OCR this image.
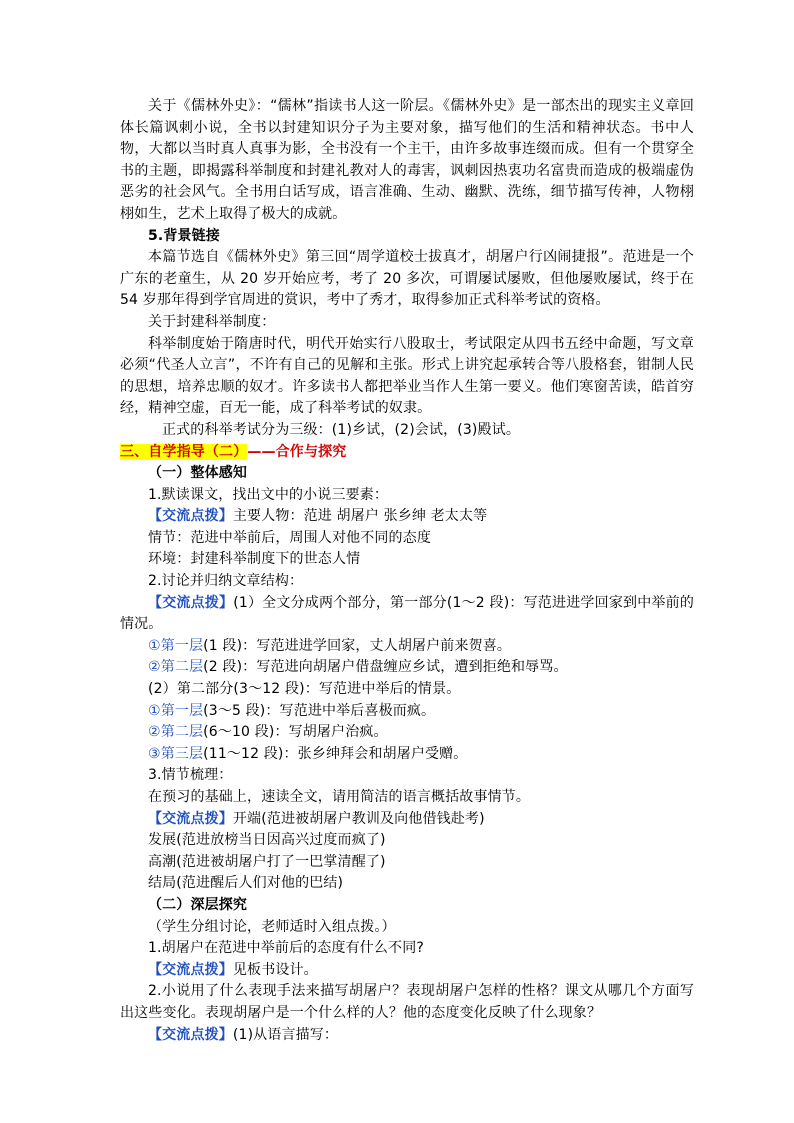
关于《儒林外史》：“儒林”指读书人这一阶层。《儒林外史》是一部杰出的现实主义章回体长篇讽刺小说，全书以封建知识分子为主要对象，描写他们的生活和精神状态。书中人物，大都以当时真人真事为影，全书没有一个主干，由许多故事连缀而成。但有一个贯穿全书的主题，即揭露科举制度和封建礼教对人的毒害，讽刺因热衷功名富贵而造成的极端虚伪恶劣的社会风气。全书用白话写成，语言准确、生动、幽默、洗练，细节描写传神，人物栩栩如生，艺术上取得了极大的成就。

5.背景链接

本篇节选自《儒林外史》第三回“周学道校士拔真才，胡屠户行凶闹捷报”。范进是一个广东的老童生，从 20 岁开始应考，考了 20 多次，可谓屡试屡败，但他屡败屡试，终于在 54 岁那年得到学官周进的赏识，考中了秀才，取得参加正式科举考试的资格。

关于封建科举制度：

科举制度始于隋唐时代，明代开始实行八股取士，考试限定从四书五经中命题，写文章必须“代圣人立言”，不许有自己的见解和主张。形式上讲究起承转合等八股格套，钳制人民的思想，培养忠顺的奴才。许多读书人都把举业当作人生第一要义。他们寒窗苦读，皓首穷经，精神空虚，百无一能，成了科举考试的奴隶。

正式的科举考试分为三级：(1)乡试，(2)会试，(3)殿试。

三、自学指导（二）——合作与探究

（一）整体感知

1.默读课文，找出文中的小说三要素：

【交流点拨】主要人物：范进 胡屠户 张乡绅 老太太等

情节：范进中举前后，周围人对他不同的态度

环境：封建科举制度下的世态人情

2.讨论并归纳文章结构：

【交流点拨】(1）全文分成两个部分，第一部分(1～2 段)：写范进进学回家到中举前的情况。

①第一层(1 段)：写范进进学回家，丈人胡屠户前来贺喜。

②第二层(2 段)：写范进向胡屠户借盘缠应乡试，遭到拒绝和辱骂。

(2）第二部分(3～12 段)：写范进中举后的情景。

①第一层(3～5 段)：写范进中举后喜极而疯。

②第二层(6～10 段)：写胡屠户治疯。

③第三层(11～12 段)：张乡绅拜会和胡屠户受赠。

3.情节梳理：

在预习的基础上，速读全文，请用简洁的语言概括故事情节。

【交流点拨】开端(范进被胡屠户教训及向他借钱赴考)

发展(范进放榜当日因高兴过度而疯了)

高潮(范进被胡屠户打了一巴掌清醒了)

结局(范进醒后人们对他的巴结)

（二）深层探究

（学生分组讨论，老师适时入组点拨。）

1.胡屠户在范进中举前后的态度有什么不同?

【交流点拨】见板书设计。

2.小说用了什么表现手法来描写胡屠户？表现胡屠户怎样的性格？课文从哪几个方面写出这些变化。表现胡屠户是一个什么样的人？他的态度变化反映了什么现象？

【交流点拨】(1)从语言描写：
